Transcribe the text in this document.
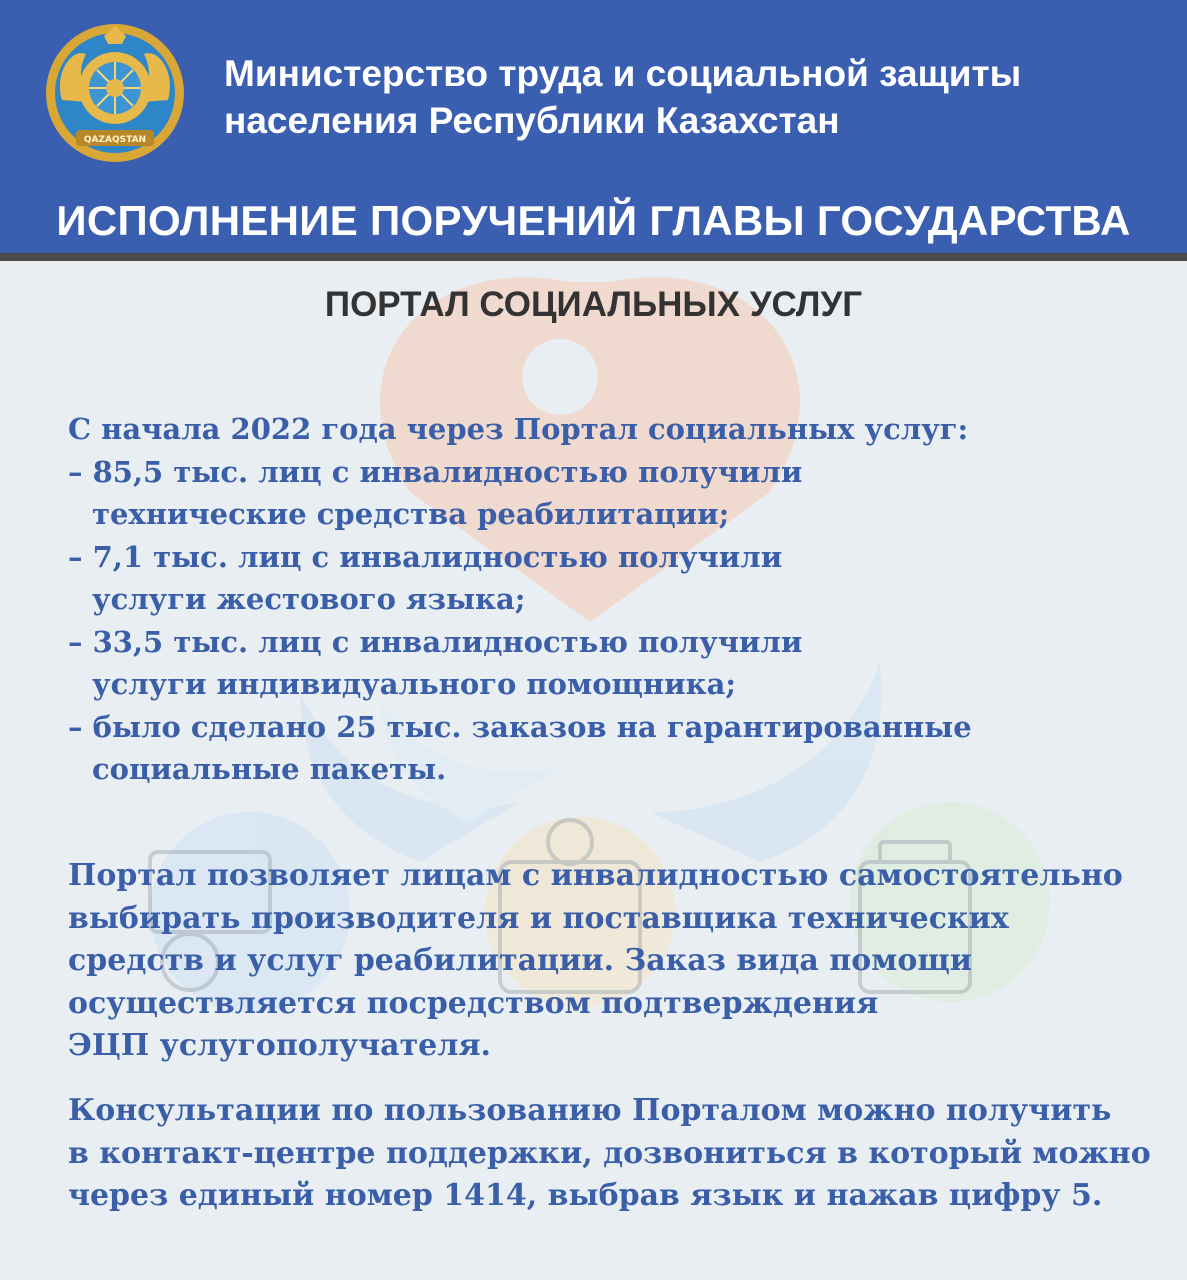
QAZAQSTAN
Министерство труда и социальной защиты
населения Республики Казахстан
ИСПОЛНЕНИЕ ПОРУЧЕНИЙ ГЛАВЫ ГОСУДАРСТВА
ПОРТАЛ СОЦИАЛЬНЫХ УСЛУГ
С начала 2022 года через Портал социальных услуг:
– 85,5 тыс. лиц с инвалидностью получили
технические средства реабилитации;
– 7,1 тыс. лиц с инвалидностью получили
услуги жестового языка;
– 33,5 тыс. лиц с инвалидностью получили
услуги индивидуального помощника;
– было сделано 25 тыс. заказов на гарантированные
социальные пакеты.
Портал позволяет лицам с инвалидностью самостоятельно
выбирать производителя и поставщика технических
средств и услуг реабилитации. Заказ вида помощи
осуществляется посредством подтверждения
ЭЦП услугополучателя.
Консультации по пользованию Порталом можно получить
в контакт-центре поддержки, дозвониться в который можно
через единый номер 1414, выбрав язык и нажав цифру 5.
